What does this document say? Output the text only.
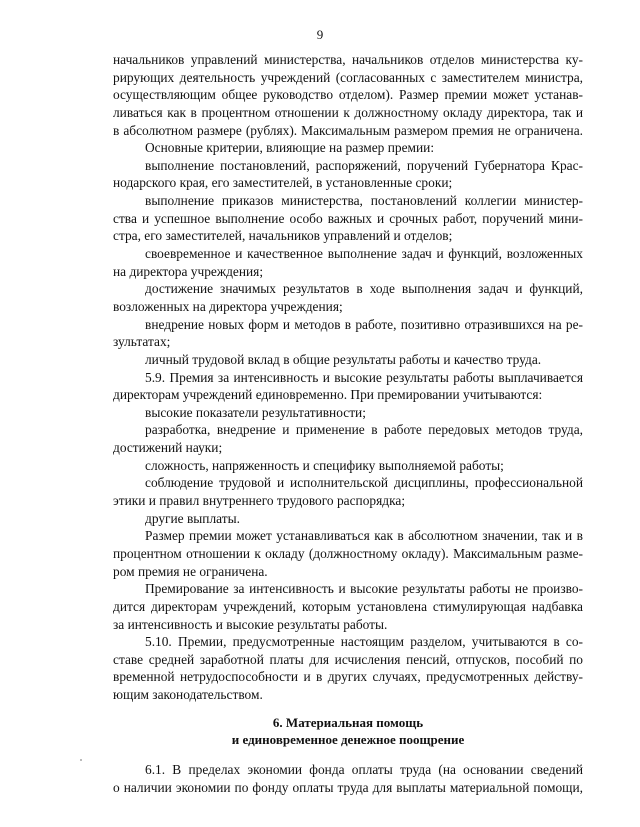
9
начальников управлений министерства, начальников отделов министерства ку-
рирующих деятельность учреждений (согласованных с заместителем министра,
осуществляющим общее руководство отделом). Размер премии может устанав-
ливаться как в процентном отношении к должностному окладу директора, так и
в абсолютном размере (рублях). Максимальным размером премия не ограничена.
Основные критерии, влияющие на размер премии:
выполнение постановлений, распоряжений, поручений Губернатора Крас-
нодарского края, его заместителей, в установленные сроки;
выполнение приказов министерства, постановлений коллегии министер-
ства и успешное выполнение особо важных и срочных работ, поручений мини-
стра, его заместителей, начальников управлений и отделов;
своевременное и качественное выполнение задач и функций, возложенных
на директора учреждения;
достижение значимых результатов в ходе выполнения задач и функций,
возложенных на директора учреждения;
внедрение новых форм и методов в работе, позитивно отразившихся на ре-
зультатах;
личный трудовой вклад в общие результаты работы и качество труда.
5.9. Премия за интенсивность и высокие результаты работы выплачивается
директорам учреждений единовременно. При премировании учитываются:
высокие показатели результативности;
разработка, внедрение и применение в работе передовых методов труда,
достижений науки;
сложность, напряженность и специфику выполняемой работы;
соблюдение трудовой и исполнительской дисциплины, профессиональной
этики и правил внутреннего трудового распорядка;
другие выплаты.
Размер премии может устанавливаться как в абсолютном значении, так и в
процентном отношении к окладу (должностному окладу). Максимальным разме-
ром премия не ограничена.
Премирование за интенсивность и высокие результаты работы не произво-
дится директорам учреждений, которым установлена стимулирующая надбавка
за интенсивность и высокие результаты работы.
5.10. Премии, предусмотренные настоящим разделом, учитываются в со-
ставе средней заработной платы для исчисления пенсий, отпусков, пособий по
временной нетрудоспособности и в других случаях, предусмотренных действу-
ющим законодательством.
6. Материальная помощь
и единовременное денежное поощрение
6.1. В пределах экономии фонда оплаты труда (на основании сведений
о наличии экономии по фонду оплаты труда для выплаты материальной помощи,
